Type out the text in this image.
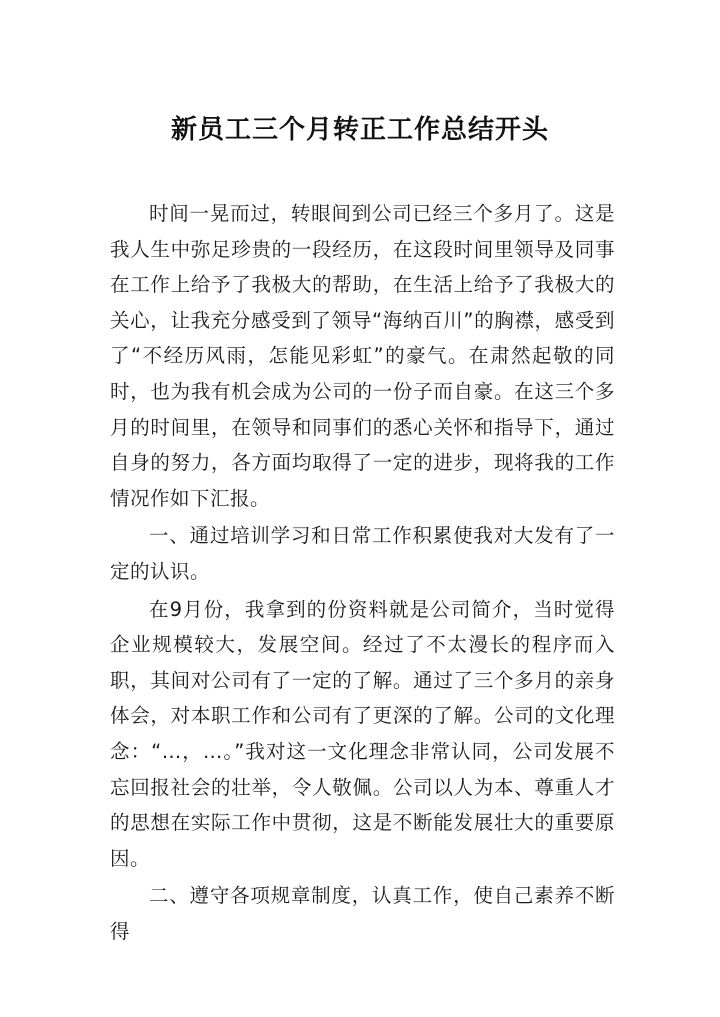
新员工三个月转正工作总结开头

时间一晃而过，转眼间到公司已经三个多月了。这是我人生中弥足珍贵的一段经历，在这段时间里领导及同事在工作上给予了我极大的帮助，在生活上给予了我极大的关心，让我充分感受到了领导“海纳百川”的胸襟，感受到了“不经历风雨，怎能见彩虹”的豪气。在肃然起敬的同时，也为我有机会成为公司的一份子而自豪。在这三个多月的时间里，在领导和同事们的悉心关怀和指导下，通过自身的努力，各方面均取得了一定的进步，现将我的工作情况作如下汇报。

一、通过培训学习和日常工作积累使我对大发有了一定的认识。

在9月份，我拿到的份资料就是公司简介，当时觉得企业规模较大，发展空间。经过了不太漫长的程序而入职，其间对公司有了一定的了解。通过了三个多月的亲身体会，对本职工作和公司有了更深的了解。公司的文化理念：“…，…。”我对这一文化理念非常认同，公司发展不忘回报社会的壮举，令人敬佩。公司以人为本、尊重人才的思想在实际工作中贯彻，这是不断能发展壮大的重要原因。

二、遵守各项规章制度，认真工作，使自己素养不断得
